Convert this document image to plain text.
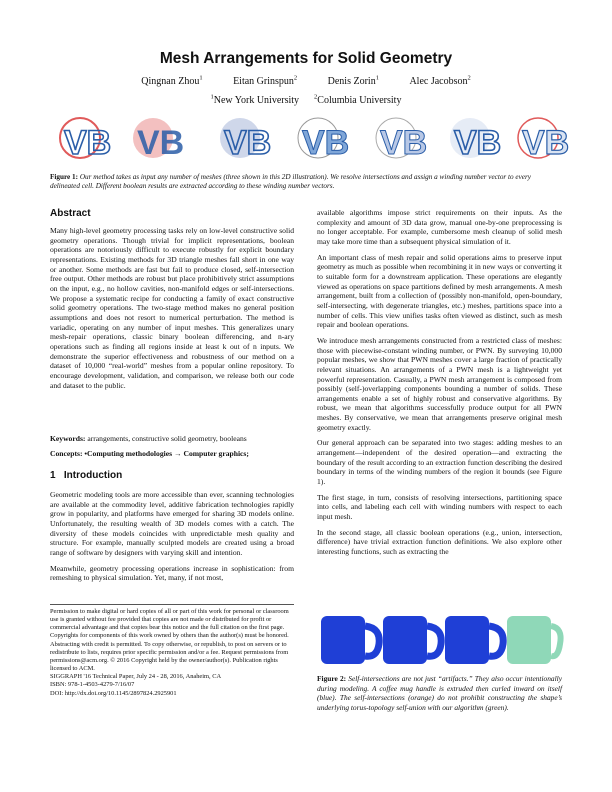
Mesh Arrangements for Solid Geometry
Qingnan Zhou$^1$	Eitan Grinspun$^2$	Denis Zorin$^1$	Alec Jacobson$^2$
$^1$New York University $^2$Columbia University
VB VB VB VB VB VB VB
Figure 1: Our method takes as input any number of meshes (three shown in this 2D illustration). We resolve intersections and assign a winding number vector to every delineated cell. Different boolean results are extracted according to these winding number vectors.
Abstract

Many high-level geometry processing tasks rely on low-level constructive solid geometry operations. Though trivial for implicit representations, boolean operations are notoriously difficult to execute robustly for explicit boundary representations. Existing methods for 3D triangle meshes fall short in one way or another. Some methods are fast but fail to produce closed, self-intersection free output. Other methods are robust but place prohibitively strict assumptions on the input, e.g., no hollow cavities, non-manifold edges or self-intersections. We propose a systematic recipe for conducting a family of exact constructive solid geometry operations. The two-stage method makes no general position assumptions and does not resort to numerical perturbation. The method is variadic, operating on any number of input meshes. This generalizes unary mesh-repair operations, classic binary boolean differencing, and n-ary operations such as finding all regions inside at least k out of n inputs. We demonstrate the superior effectiveness and robustness of our method on a dataset of 10,000 “real-world” meshes from a popular online repository. To encourage development, validation, and comparison, we release both our code and dataset to the public.

Keywords: arrangements, constructive solid geometry, booleans
Concepts: •Computing methodologies → Computer graphics;
1 Introduction

Geometric modeling tools are more accessible than ever, scanning technologies are available at the commodity level, additive fabrication technologies rapidly grow in popularity, and platforms have emerged for sharing 3D models online. Unfortunately, the resulting wealth of 3D models comes with a catch. The diversity of these models coincides with unpredictable mesh quality and structure. For example, manually sculpted models are created using a broad range of software by designers with varying skill and intention.

Meanwhile, geometry processing operations increase in sophistication: from remeshing to physical simulation. Yet, many, if not most,

Permission to make digital or hard copies of all or part of this work for personal or classroom use is granted without fee provided that copies are not made or distributed for profit or commercial advantage and that copies bear this notice and the full citation on the first page. Copyrights for components of this work owned by others than the author(s) must be honored. Abstracting with credit is permitted. To copy otherwise, or republish, to post on servers or to redistribute to lists, requires prior specific permission and/or a fee. Request permissions from permissions@acm.org. © 2016 Copyright held by the owner/author(s). Publication rights licensed to ACM.
SIGGRAPH '16 Technical Paper, July 24 - 28, 2016, Anaheim, CA
ISBN: 978-1-4503-4279-7/16/07
DOI: http://dx.doi.org/10.1145/2897824.2925901

available algorithms impose strict requirements on their inputs. As the complexity and amount of 3D data grow, manual one-by-one preprocessing is no longer acceptable. For example, cumbersome mesh cleanup of solid mesh may take more time than a subsequent physical simulation of it.

An important class of mesh repair and solid operations aims to preserve input geometry as much as possible when recombining it in new ways or converting it to suitable form for a downstream application. These operations are elegantly viewed as operations on space partitions defined by mesh arrangements. A mesh arrangement, built from a collection of (possibly non-manifold, open-boundary, self-intersecting, with degenerate triangles, etc.) meshes, partitions space into a number of cells. This view unifies tasks often viewed as distinct, such as mesh repair and boolean operations.

We introduce mesh arrangements constructed from a restricted class of meshes: those with piecewise-constant winding number, or PWN. By surveying 10,000 popular meshes, we show that PWN meshes cover a large fraction of practically relevant situations. An arrangements of a PWN mesh is a lightweight yet powerful representation. Casually, a PWN mesh arrangement is composed from possibly (self-)overlapping components bounding a number of solids. These arrangements enable a set of highly robust and conservative algorithms. By robust, we mean that algorithms successfully produce output for all PWN meshes. By conservative, we mean that arrangements preserve original mesh geometry exactly.

Our general approach can be separated into two stages: adding meshes to an arrangement—independent of the desired operation—and extracting the boundary of the result according to an extraction function describing the desired boundary in terms of the winding numbers of the region it bounds (see Figure 1).

The first stage, in turn, consists of resolving intersections, partitioning space into cells, and labeling each cell with winding numbers with respect to each input mesh.

In the second stage, all classic boolean operations (e.g., union, intersection, difference) have trivial extraction function definitions. We also explore other interesting functions, such as extracting the

Figure 2: Self-intersections are not just “artifacts.” They also occur intentionally during modeling. A coffee mug handle is extruded then curled inward on itself (blue). The self-intersections (orange) do not prohibit constructing the shape’s underlying torus-topology self-union with our algorithm (green).
